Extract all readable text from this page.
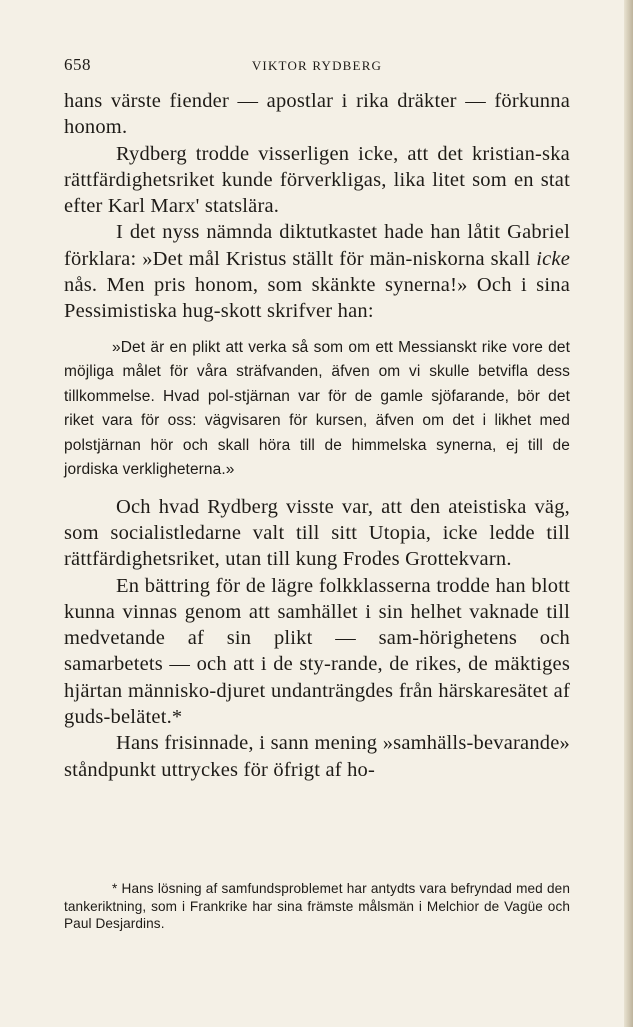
658	VIKTOR RYDBERG

hans värste fiender — apostlar i rika dräkter — förkunna honom.

Rydberg trodde visserligen icke, att det kristian-ska rättfärdighetsriket kunde förverkligas, lika litet som en stat efter Karl Marx' statslära.

I det nyss nämnda diktutkastet hade han låtit Gabriel förklara: »Det mål Kristus ställt för män-niskorna skall icke nås. Men pris honom, som skänkte synerna!» Och i sina Pessimistiska hug-skott skrifver han:

»Det är en plikt att verka så som om ett Messianskt rike vore det möjliga målet för våra sträfvanden, äfven om vi skulle betvifla dess tillkommelse. Hvad pol-stjärnan var för de gamle sjöfarande, bör det riket vara för oss: vägvisaren för kursen, äfven om det i likhet med polstjärnan hör och skall höra till de himmelska synerna, ej till de jordiska verkligheterna.»

Och hvad Rydberg visste var, att den ateistiska väg, som socialistledarne valt till sitt Utopia, icke ledde till rättfärdighetsriket, utan till kung Frodes Grottekvarn.

En bättring för de lägre folkklasserna trodde han blott kunna vinnas genom att samhället i sin helhet vaknade till medvetande af sin plikt — sam-hörighetens och samarbetets — och att i de sty-rande, de rikes, de mäktiges hjärtan människo-djuret undanträngdes från härskaresätet af guds-belätet.*

Hans frisinnade, i sann mening »samhälls-bevarande» ståndpunkt uttryckes för öfrigt af ho-

* Hans lösning af samfundsproblemet har antydts vara befryndad med den tankeriktning, som i Frankrike har sina främste målsmän i Melchior de Vagüe och Paul Desjardins.
